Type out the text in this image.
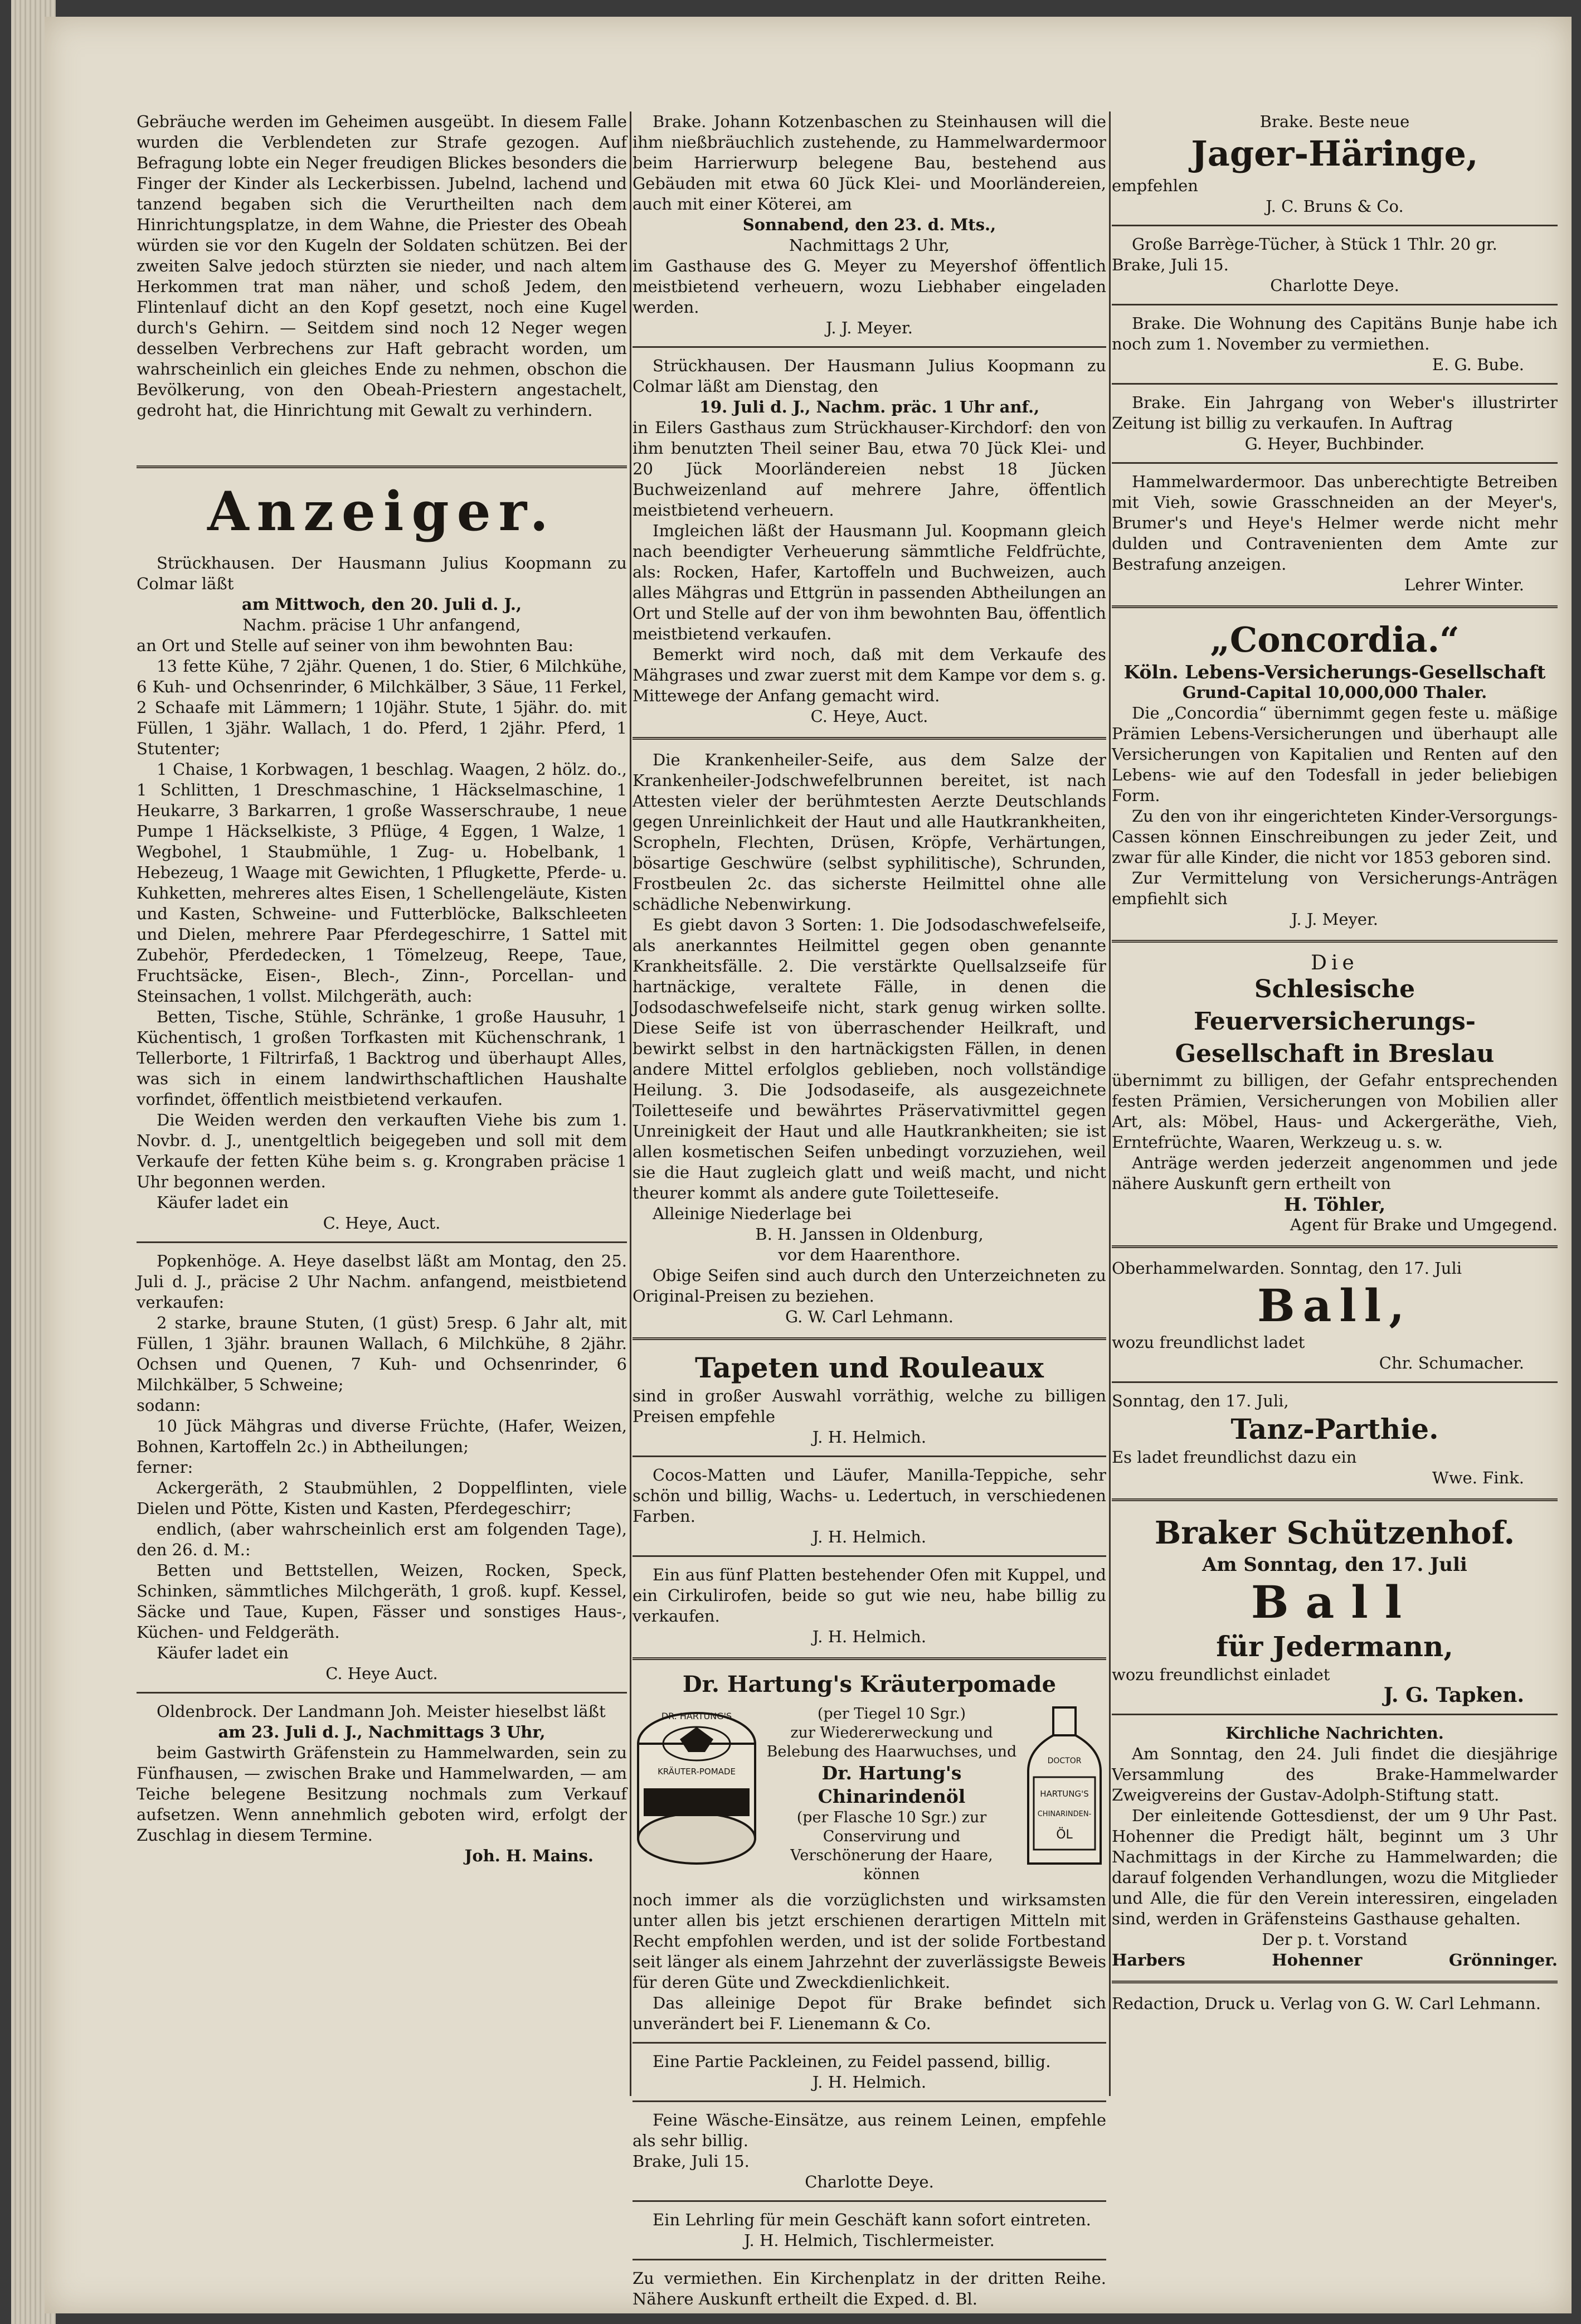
Gebräuche werden im Geheimen ausgeübt. In diesem Falle wurden die Verblendeten zur Strafe gezogen. Auf Befragung lobte ein Neger freudigen Blickes besonders die Finger der Kinder als Leckerbissen. Jubelnd, lachend und tanzend begaben sich die Verurtheilten nach dem Hinrichtungsplatze, in dem Wahne, die Priester des Obeah würden sie vor den Kugeln der Soldaten schützen. Bei der zweiten Salve jedoch stürzten sie nieder, und nach altem Herkommen trat man näher, und schoß Jedem, den Flintenlauf dicht an den Kopf gesetzt, noch eine Kugel durch's Gehirn. — Seitdem sind noch 12 Neger wegen desselben Verbrechens zur Haft gebracht worden, um wahrscheinlich ein gleiches Ende zu nehmen, obschon die Bevölkerung, von den Obeah-Priestern angestachelt, gedroht hat, die Hinrichtung mit Gewalt zu verhindern.

Anzeiger.

Strückhausen. Der Hausmann Julius Koopmann zu Colmar läßt

am Mittwoch, den 20. Juli d. J.,

Nachm. präcise 1 Uhr anfangend,

an Ort und Stelle auf seiner von ihm bewohnten Bau:

13 fette Kühe, 7 2jähr. Quenen, 1 do. Stier, 6 Milchkühe, 6 Kuh- und Ochsenrinder, 6 Milchkälber, 3 Säue, 11 Ferkel, 2 Schaafe mit Lämmern; 1 10jähr. Stute, 1 5jähr. do. mit Füllen, 1 3jähr. Wallach, 1 do. Pferd, 1 2jähr. Pferd, 1 Stutenter;

1 Chaise, 1 Korbwagen, 1 beschlag. Waagen, 2 hölz. do., 1 Schlitten, 1 Dreschmaschine, 1 Häckselmaschine, 1 Heukarre, 3 Barkarren, 1 große Wasserschraube, 1 neue Pumpe 1 Häckselkiste, 3 Pflüge, 4 Eggen, 1 Walze, 1 Wegbohel, 1 Staubmühle, 1 Zug- u. Hobelbank, 1 Hebezeug, 1 Waage mit Gewichten, 1 Pflugkette, Pferde- u. Kuhketten, mehreres altes Eisen, 1 Schellengeläute, Kisten und Kasten, Schweine- und Futterblöcke, Balkschleeten und Dielen, mehrere Paar Pferdegeschirre, 1 Sattel mit Zubehör, Pferdedecken, 1 Tömelzeug, Reepe, Taue, Fruchtsäcke, Eisen-, Blech-, Zinn-, Porcellan- und Steinsachen, 1 vollst. Milchgeräth, auch:

Betten, Tische, Stühle, Schränke, 1 große Hausuhr, 1 Küchentisch, 1 großen Torfkasten mit Küchenschrank, 1 Tellerborte, 1 Filtrirfaß, 1 Backtrog und überhaupt Alles, was sich in einem landwirthschaftlichen Haushalte vorfindet, öffentlich meistbietend verkaufen.

Die Weiden werden den verkauften Viehe bis zum 1. Novbr. d. J., unentgeltlich beigegeben und soll mit dem Verkaufe der fetten Kühe beim s. g. Krongraben präcise 1 Uhr begonnen werden.

Käufer ladet ein

C. Heye, Auct.

Popkenhöge. A. Heye daselbst läßt am Montag, den 25. Juli d. J., präcise 2 Uhr Nachm. anfangend, meistbietend verkaufen:

2 starke, braune Stuten, (1 güst) 5resp. 6 Jahr alt, mit Füllen, 1 3jähr. braunen Wallach, 6 Milchkühe, 8 2jähr. Ochsen und Quenen, 7 Kuh- und Ochsenrinder, 6 Milchkälber, 5 Schweine;

sodann:

10 Jück Mähgras und diverse Früchte, (Hafer, Weizen, Bohnen, Kartoffeln 2c.) in Abtheilungen;

ferner:

Ackergeräth, 2 Staubmühlen, 2 Doppelflinten, viele Dielen und Pötte, Kisten und Kasten, Pferdegeschirr;

endlich, (aber wahrscheinlich erst am folgenden Tage), den 26. d. M.:

Betten und Bettstellen, Weizen, Rocken, Speck, Schinken, sämmtliches Milchgeräth, 1 groß. kupf. Kessel, Säcke und Taue, Kupen, Fässer und sonstiges Haus-, Küchen- und Feldgeräth.

Käufer ladet ein

C. Heye Auct.

Oldenbrock. Der Landmann Joh. Meister hieselbst läßt

am 23. Juli d. J., Nachmittags 3 Uhr,

beim Gastwirth Gräfenstein zu Hammelwarden, sein zu Fünfhausen, — zwischen Brake und Hammelwarden, — am Teiche belegene Besitzung nochmals zum Verkauf aufsetzen. Wenn annehmlich geboten wird, erfolgt der Zuschlag in diesem Termine.

Joh. H. Mains.

Brake. Johann Kotzenbaschen zu Steinhausen will die ihm nießbräuchlich zustehende, zu Hammelwardermoor beim Harrierwurp belegene Bau, bestehend aus Gebäuden mit etwa 60 Jück Klei- und Moorländereien, auch mit einer Köterei, am

Sonnabend, den 23. d. Mts.,

Nachmittags 2 Uhr,

im Gasthause des G. Meyer zu Meyershof öffentlich meistbietend verheuern, wozu Liebhaber eingeladen werden.

J. J. Meyer.

Strückhausen. Der Hausmann Julius Koopmann zu Colmar läßt am Dienstag, den

19. Juli d. J., Nachm. präc. 1 Uhr anf.,

in Eilers Gasthaus zum Strückhauser-Kirchdorf: den von ihm benutzten Theil seiner Bau, etwa 70 Jück Klei- und 20 Jück Moorländereien nebst 18 Jücken Buchweizenland auf mehrere Jahre, öffentlich meistbietend verheuern.

Imgleichen läßt der Hausmann Jul. Koopmann gleich nach beendigter Verheuerung sämmtliche Feldfrüchte, als: Rocken, Hafer, Kartoffeln und Buchweizen, auch alles Mähgras und Ettgrün in passenden Abtheilungen an Ort und Stelle auf der von ihm bewohnten Bau, öffentlich meistbietend verkaufen.

Bemerkt wird noch, daß mit dem Verkaufe des Mähgrases und zwar zuerst mit dem Kampe vor dem s. g. Mittewege der Anfang gemacht wird.

C. Heye, Auct.

Die Krankenheiler-Seife, aus dem Salze der Krankenheiler-Jodschwefelbrunnen bereitet, ist nach Attesten vieler der berühmtesten Aerzte Deutschlands gegen Unreinlichkeit der Haut und alle Hautkrankheiten, Scropheln, Flechten, Drüsen, Kröpfe, Verhärtungen, bösartige Geschwüre (selbst syphilitische), Schrunden, Frostbeulen 2c. das sicherste Heilmittel ohne alle schädliche Nebenwirkung.

Es giebt davon 3 Sorten: 1. Die Jodsodaschwefelseife, als anerkanntes Heilmittel gegen oben genannte Krankheitsfälle. 2. Die verstärkte Quellsalzseife für hartnäckige, veraltete Fälle, in denen die Jodsodaschwefelseife nicht, stark genug wirken sollte. Diese Seife ist von überraschender Heilkraft, und bewirkt selbst in den hartnäckigsten Fällen, in denen andere Mittel erfolglos geblieben, noch vollständige Heilung. 3. Die Jodsodaseife, als ausgezeichnete Toiletteseife und bewährtes Präservativmittel gegen Unreinigkeit der Haut und alle Hautkrankheiten; sie ist allen kosmetischen Seifen unbedingt vorzuziehen, weil sie die Haut zugleich glatt und weiß macht, und nicht theurer kommt als andere gute Toiletteseife.

Alleinige Niederlage bei

B. H. Janssen in Oldenburg,

vor dem Haarenthore.

Obige Seifen sind auch durch den Unterzeichneten zu Original-Preisen zu beziehen.

G. W. Carl Lehmann.

Tapeten und Rouleaux

sind in großer Auswahl vorräthig, welche zu billigen Preisen empfehle

J. H. Helmich.

Cocos-Matten und Läufer, Manilla-Teppiche, sehr schön und billig, Wachs- u. Ledertuch, in verschiedenen Farben.

J. H. Helmich.

Ein aus fünf Platten bestehender Ofen mit Kuppel, und ein Cirkulirofen, beide so gut wie neu, habe billig zu verkaufen.

J. H. Helmich.

Dr. Hartung's Kräuterpomade
DR. HARTUNG'S
KRÄUTER-POMADE

(per Tiegel 10 Sgr.)

zur Wiedererweckung und Belebung des Haarwuchses, und

Dr. Hartung's Chinarindenöl

(per Flasche 10 Sgr.) zur Conservirung und Verschönerung der Haare, können

DOCTOR
HARTUNG'S
CHINARINDEN-
ÖL

noch immer als die vorzüglichsten und wirksamsten unter allen bis jetzt erschienen derartigen Mitteln mit Recht empfohlen werden, und ist der solide Fortbestand seit länger als einem Jahrzehnt der zuverlässigste Beweis für deren Güte und Zweckdienlichkeit.

Das alleinige Depot für Brake befindet sich unverändert bei F. Lienemann & Co.

Eine Partie Packleinen, zu Feidel passend, billig.

J. H. Helmich.

Feine Wäsche-Einsätze, aus reinem Leinen, empfehle als sehr billig.

Brake, Juli 15.

Charlotte Deye.

Ein Lehrling für mein Geschäft kann sofort eintreten.

J. H. Helmich, Tischlermeister.

Zu vermiethen. Ein Kirchenplatz in der dritten Reihe. Nähere Auskunft ertheilt die Exped. d. Bl.

Brake. Beste neue

Jager-Häringe,

empfehlen

J. C. Bruns & Co.

Große Barrège-Tücher, à Stück 1 Thlr. 20 gr.

Brake, Juli 15.

Charlotte Deye.

Brake. Die Wohnung des Capitäns Bunje habe ich noch zum 1. November zu vermiethen.

E. G. Bube.

Brake. Ein Jahrgang von Weber's illustrirter Zeitung ist billig zu verkaufen. In Auftrag

G. Heyer, Buchbinder.

Hammelwardermoor. Das unberechtigte Betreiben mit Vieh, sowie Grasschneiden an der Meyer's, Brumer's und Heye's Helmer werde nicht mehr dulden und Contravenienten dem Amte zur Bestrafung anzeigen.

Lehrer Winter.

„Concordia.“

Köln. Lebens-Versicherungs-Gesellschaft

Grund-Capital 10,000,000 Thaler.

Die „Concordia“ übernimmt gegen feste u. mäßige Prämien Lebens-Versicherungen und überhaupt alle Versicherungen von Kapitalien und Renten auf den Lebens- wie auf den Todesfall in jeder beliebigen Form.

Zu den von ihr eingerichteten Kinder-Versorgungs-Cassen können Einschreibungen zu jeder Zeit, und zwar für alle Kinder, die nicht vor 1853 geboren sind.

Zur Vermittelung von Versicherungs-Anträgen empfiehlt sich

J. J. Meyer.

Die

Schlesische Feuerversicherungs-Gesellschaft in Breslau

übernimmt zu billigen, der Gefahr entsprechenden festen Prämien, Versicherungen von Mobilien aller Art, als: Möbel, Haus- und Ackergeräthe, Vieh, Erntefrüchte, Waaren, Werkzeug u. s. w.

Anträge werden jederzeit angenommen und jede nähere Auskunft gern ertheilt von

H. Töhler,

Agent für Brake und Umgegend.

Oberhammelwarden. Sonntag, den 17. Juli

Ball,

wozu freundlichst ladet

Chr. Schumacher.

Sonntag, den 17. Juli,

Tanz-Parthie.

Es ladet freundlichst dazu ein

Wwe. Fink.

Braker Schützenhof.

Am Sonntag, den 17. Juli

Ball
für Jedermann,

wozu freundlichst einladet

J. G. Tapken.

Kirchliche Nachrichten.

Am Sonntag, den 24. Juli findet die diesjährige Versammlung des Brake-Hammelwarder Zweigvereins der Gustav-Adolph-Stiftung statt.

Der einleitende Gottesdienst, der um 9 Uhr Past. Hohenner die Predigt hält, beginnt um 3 Uhr Nachmittags in der Kirche zu Hammelwarden; die darauf folgenden Verhandlungen, wozu die Mitglieder und Alle, die für den Verein interessiren, eingeladen sind, werden in Gräfensteins Gasthause gehalten.

Der p. t. Vorstand

Harbers	Hohenner	Grönninger.

Redaction, Druck u. Verlag von G. W. Carl Lehmann.
